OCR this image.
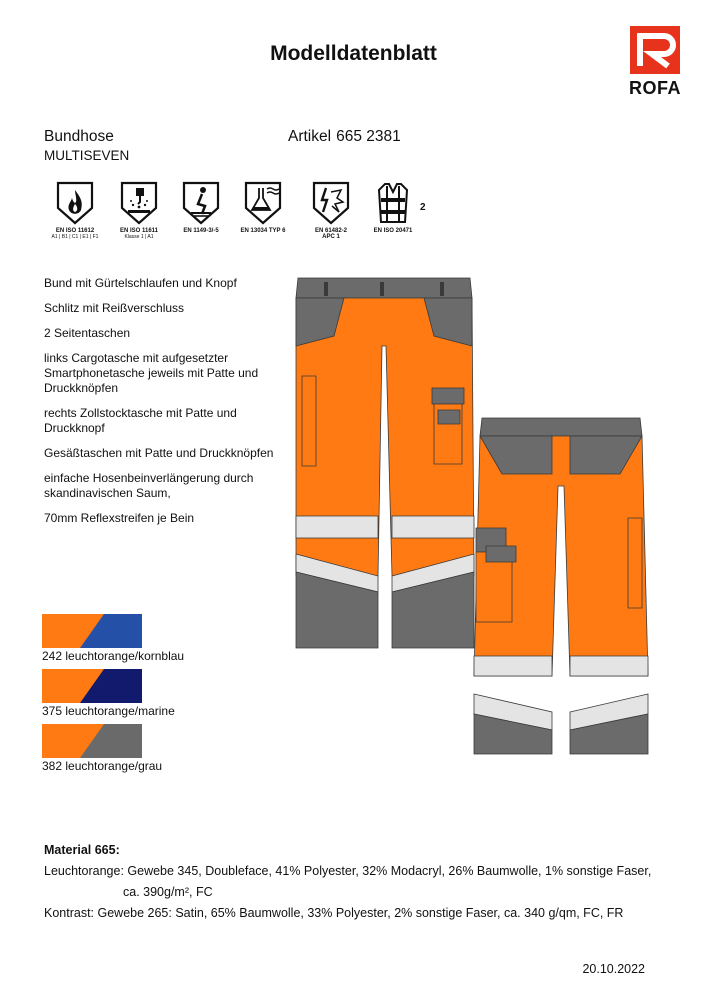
Modelldatenblatt
ROFA
Bundhose
MULTISEVEN
Artikel 665 2381
EN ISO 11612
A1 | B1 | C1 | E1 | F1
EN ISO 11611
Klasse 1 | A1
EN 1149-3/-5	EN 13034 TYP 6	EN 61482-2
APC 1
EN ISO 20471
2
Bund mit Gürtelschlaufen und Knopf
Schlitz mit Reißverschluss
2 Seitentaschen
links Cargotasche mit aufgesetzter Smartphonetasche jeweils mit Patte und Druckknöpfen
rechts Zollstocktasche mit Patte und Druckknopf
Gesäßtaschen mit Patte und Druckknöpfen
einfache Hosenbeinverlängerung durch skandinavischen Saum,
70mm Reflexstreifen je Bein
242 leuchtorange/kornblau
375 leuchtorange/marine
382 leuchtorange/grau
Material 665:
Leuchtorange: Gewebe 345, Doubleface, 41% Polyester, 32% Modacryl, 26% Baumwolle, 1% sonstige Faser,
ca. 390g/m², FC
Kontrast: Gewebe 265: Satin, 65% Baumwolle, 33% Polyester, 2% sonstige Faser, ca. 340 g/qm, FC, FR
20.10.2022
